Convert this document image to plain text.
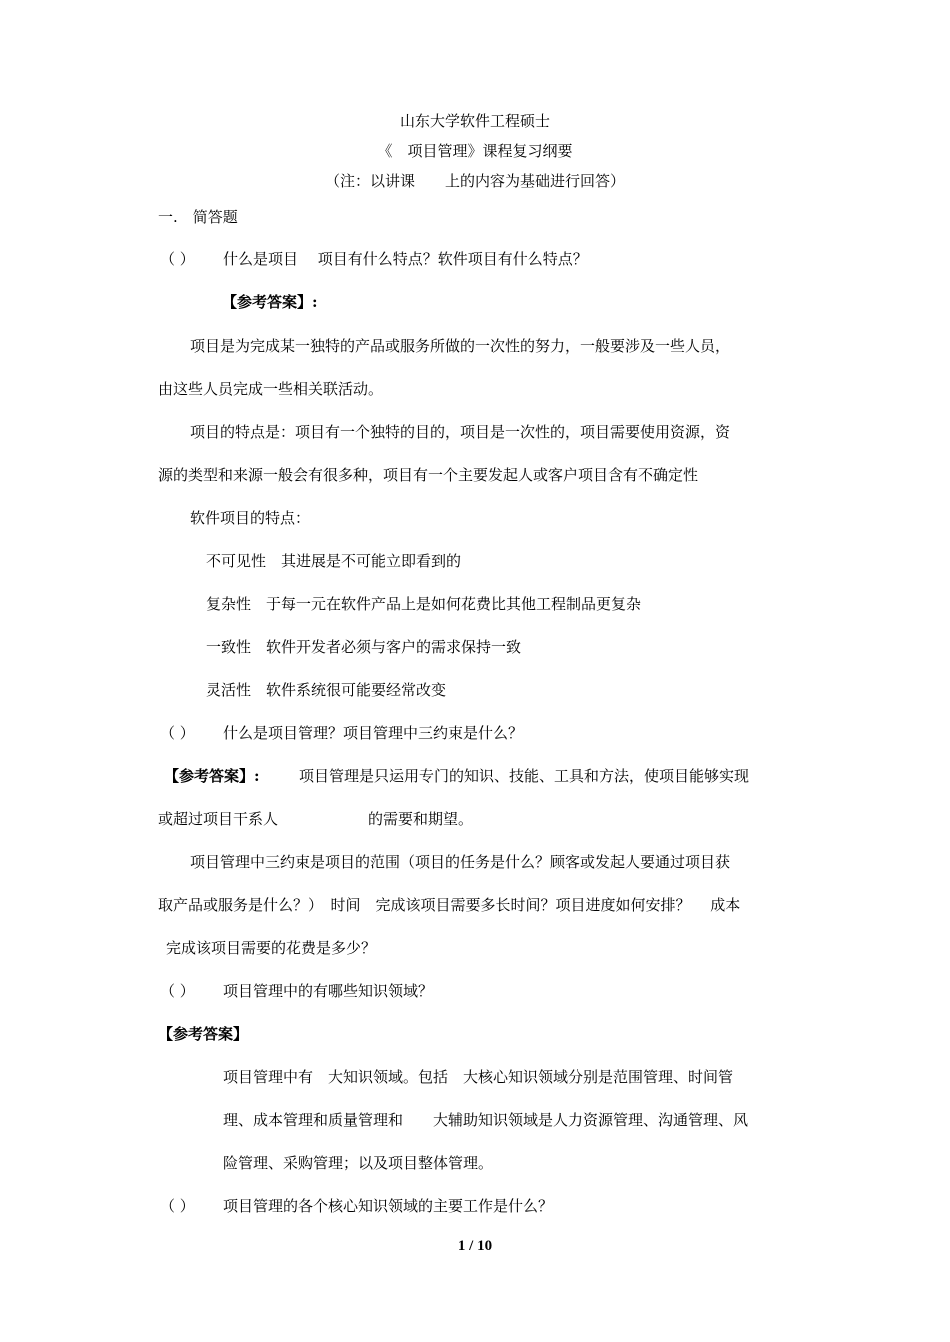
山东大学软件工程硕士
《　项目管理》课程复习纲要
（注：以讲课　　上的内容为基础进行回答）
一.　简答题
（ ） 什么是项目　 项目有什么特点？软件项目有什么特点？
【参考答案】:
项目是为完成某一独特的产品或服务所做的一次性的努力，一般要涉及一些人员，
由这些人员完成一些相关联活动。
项目的特点是：项目有一个独特的目的，项目是一次性的，项目需要使用资源，资
源的类型和来源一般会有很多种，项目有一个主要发起人或客户项目含有不确定性
软件项目的特点：
不可见性　其进展是不可能立即看到的
复杂性　于每一元在软件产品上是如何花费比其他工程制品更复杂
一致性　软件开发者必须与客户的需求保持一致
灵活性　软件系统很可能要经常改变
（ ） 什么是项目管理？项目管理中三约束是什么？
【参考答案】:	项目管理是只运用专门的知识、技能、工具和方法，使项目能够实现
或超过项目干系人　　　　　　的需要和期望。
项目管理中三约束是项目的范围（项目的任务是什么？顾客或发起人要通过项目获
取产品或服务是什么？）　时间　完成该项目需要多长时间？项目进度如何安排？　 成本
完成该项目需要的花费是多少？
（ ） 项目管理中的有哪些知识领域？
【参考答案】
项目管理中有　大知识领域。包括　大核心知识领域分别是范围管理、时间管
理、成本管理和质量管理和　　大辅助知识领域是人力资源管理、沟通管理、风
险管理、采购管理；以及项目整体管理。
（ ） 项目管理的各个核心知识领域的主要工作是什么？
1 / 10
